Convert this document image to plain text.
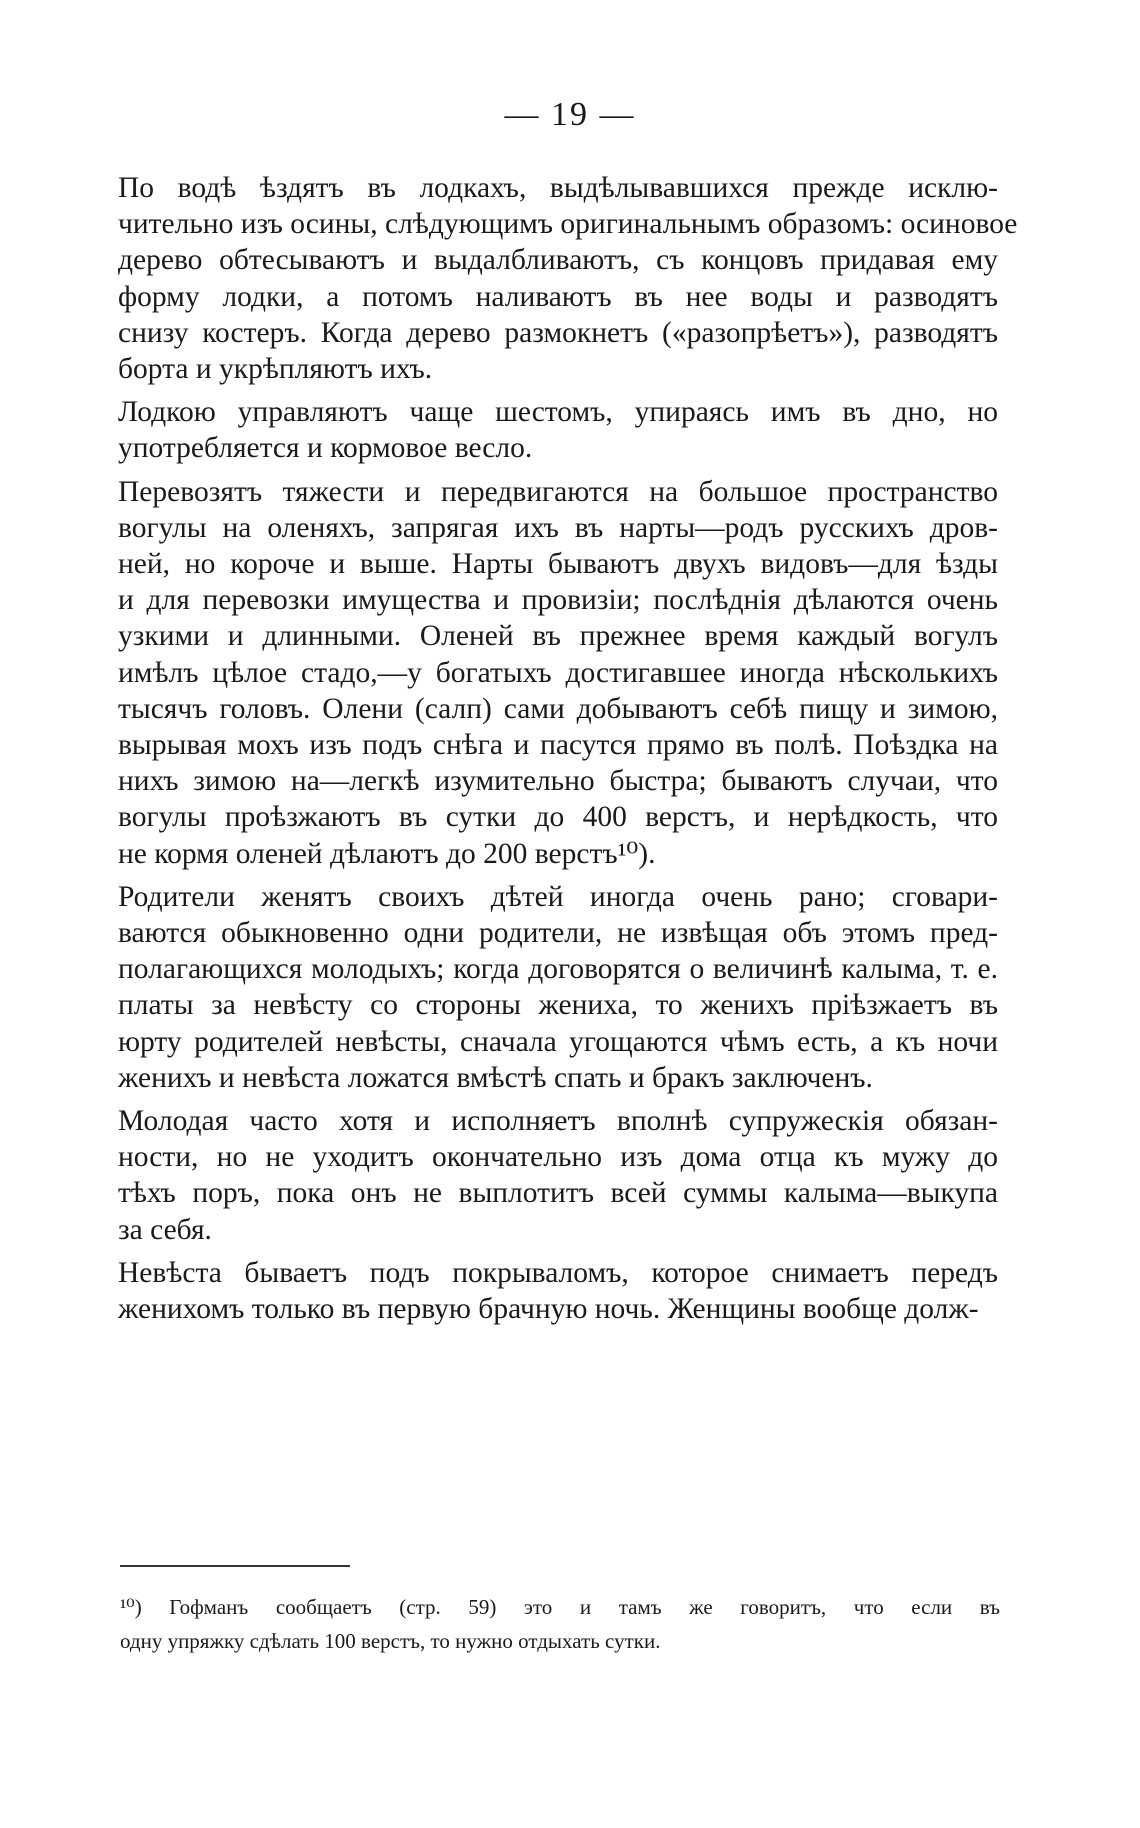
— 19 —
По водѣ ѣздятъ въ лодкахъ, выдѣлывавшихся прежде исклю-
чительно изъ осины, слѣдующимъ оригинальнымъ образомъ: осиновое
дерево обтесываютъ и выдалбливаютъ, съ концовъ придавая ему
форму лодки, а потомъ наливаютъ въ нее воды и разводятъ
снизу костеръ. Когда дерево размокнетъ («разопрѣетъ»), разводятъ
борта и укрѣпляютъ ихъ.
Лодкою управляютъ чаще шестомъ, упираясь имъ въ дно, но
употребляется и кормовое весло.
Перевозятъ тяжести и передвигаются на большое пространство
вогулы на оленяхъ, запрягая ихъ въ нарты—родъ русскихъ дров-
ней, но короче и выше. Нарты бываютъ двухъ видовъ—для ѣзды
и для перевозки имущества и провизіи; послѣднія дѣлаются очень
узкими и длинными. Оленей въ прежнее время каждый вогулъ
имѣлъ цѣлое стадо,—у богатыхъ достигавшее иногда нѣсколькихъ
тысячъ головъ. Олени (салп) сами добываютъ себѣ пищу и зимою,
вырывая мохъ изъ подъ снѣга и пасутся прямо въ полѣ. Поѣздка на
нихъ зимою на—легкѣ изумительно быстра; бываютъ случаи, что
вогулы проѣзжаютъ въ сутки до 400 верстъ, и нерѣдкость, что
не кормя оленей дѣлаютъ до 200 верстъ¹⁰).
Родители женятъ своихъ дѣтей иногда очень рано; сговари-
ваются обыкновенно одни родители, не извѣщая объ этомъ пред-
полагающихся молодыхъ; когда договорятся о величинѣ калыма, т. е.
платы за невѣсту со стороны жениха, то женихъ пріѣзжаетъ въ
юрту родителей невѣсты, сначала угощаются чѣмъ есть, а къ ночи
женихъ и невѣста ложатся вмѣстѣ спать и бракъ заключенъ.
Молодая часто хотя и исполняетъ вполнѣ супружескія обязан-
ности, но не уходитъ окончательно изъ дома отца къ мужу до
тѣхъ поръ, пока онъ не выплотитъ всей суммы калыма—выкупа
за себя.
Невѣста бываетъ подъ покрываломъ, которое снимаетъ передъ
женихомъ только въ первую брачную ночь. Женщины вообще долж-
¹⁰) Гофманъ сообщаетъ (стр. 59) это и тамъ же говоритъ, что если въ
одну упряжку сдѣлать 100 верстъ, то нужно отдыхать сутки.
